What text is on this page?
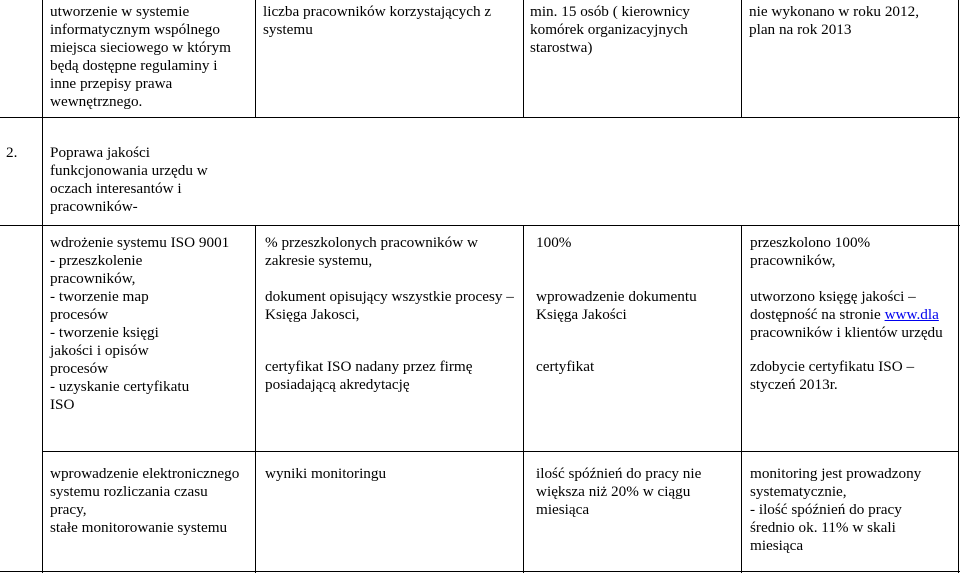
utworzenie w systemie
informatycznym wspólnego
miejsca sieciowego w którym
będą dostępne regulaminy i
inne przepisy prawa
wewnętrznego.

liczba pracowników korzystających z
systemu

min. 15 osób ( kierownicy
komórek organizacyjnych
starostwa)

nie wykonano w roku 2012,
plan na rok 2013

2. Poprawa jakości
funkcjonowania urzędu w
oczach interesantów i
pracowników-

wdrożenie systemu ISO 9001
- przeszkolenie
pracowników,
- tworzenie map
procesów
- tworzenie księgi
jakości i opisów
procesów
- uzyskanie certyfikatu
ISO

% przeszkolonych pracowników w
zakresie systemu,

dokument opisujący wszystkie procesy –
Księga Jakosci,

certyfikat ISO nadany przez firmę
posiadającą akredytację

100%

wprowadzenie dokumentu
Księga Jakości

certyfikat

przeszkolono 100%
pracowników,

utworzono księgę jakości –
dostępność na stronie www.dla
pracowników i klientów urzędu

zdobycie certyfikatu ISO –
styczeń 2013r.

wprowadzenie elektronicznego
systemu rozliczania czasu
pracy,
stałe monitorowanie systemu

wyniki monitoringu	ilość spóźnień do pracy nie
większa niż 20% w ciągu
miesiąca

monitoring jest prowadzony
systematycznie,
- ilość spóźnień do pracy
średnio ok. 11% w skali
miesiąca
